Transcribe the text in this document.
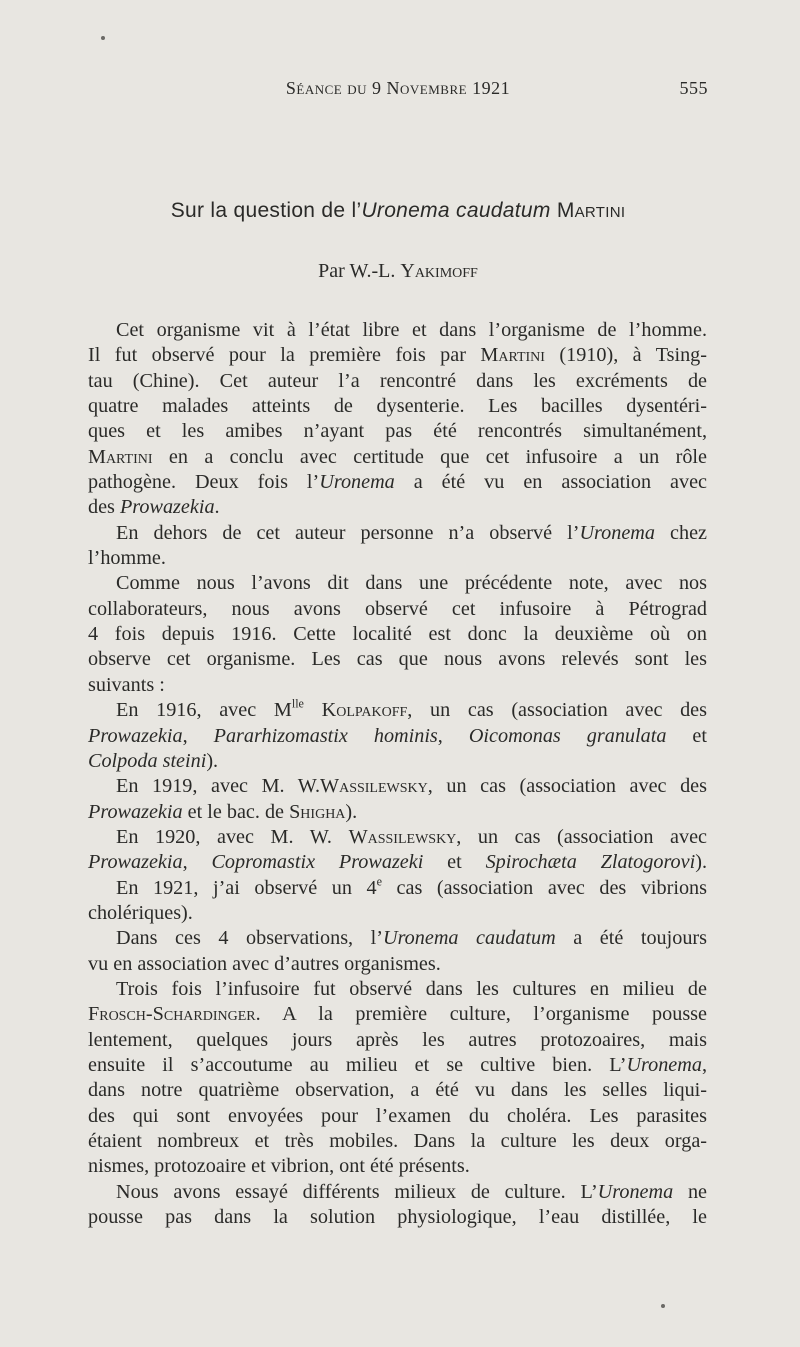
Séance du 9 Novembre 1921	555
Sur la question de l’Uronema caudatum Martini
Par W.-L. Yakimoff
Cet organisme vit à l’état libre et dans l’organisme de l’homme.
Il fut observé pour la première fois par Martini (1910), à Tsing-
tau (Chine). Cet auteur l’a rencontré dans les excréments de
quatre malades atteints de dysenterie. Les bacilles dysentéri-
ques et les amibes n’ayant pas été rencontrés simultanément,
Martini en a conclu avec certitude que cet infusoire a un rôle
pathogène. Deux fois l’Uronema a été vu en association avec
des Prowazekia.
En dehors de cet auteur personne n’a observé l’Uronema chez
l’homme.
Comme nous l’avons dit dans une précédente note, avec nos
collaborateurs, nous avons observé cet infusoire à Pétrograd
4 fois depuis 1916. Cette localité est donc la deuxième où on
observe cet organisme. Les cas que nous avons relevés sont les
suivants :
En 1916, avec $M^{lle}$ Kolpakoff, un cas (association avec des
Prowazekia, Pararhizomastix hominis, Oicomonas granulata et
Colpoda steini).
En 1919, avec M. W.Wassilewsky, un cas (association avec des
Prowazekia et le bac. de Shigha).
En 1920, avec M. W. Wassilewsky, un cas (association avec
Prowazekia, Copromastix Prowazeki et Spirochæta Zlatogorovi).
En 1921, j’ai observé un 4e cas (association avec des vibrions
cholériques).
Dans ces 4 observations, l’Uronema caudatum a été toujours
vu en association avec d’autres organismes.
Trois fois l’infusoire fut observé dans les cultures en milieu de
Frosch-Schardinger. A la première culture, l’organisme pousse
lentement, quelques jours après les autres protozoaires, mais
ensuite il s’accoutume au milieu et se cultive bien. L’Uronema,
dans notre quatrième observation, a été vu dans les selles liqui-
des qui sont envoyées pour l’examen du choléra. Les parasites
étaient nombreux et très mobiles. Dans la culture les deux orga-
nismes, protozoaire et vibrion, ont été présents.
Nous avons essayé différents milieux de culture. L’Uronema ne
pousse pas dans la solution physiologique, l’eau distillée, le
